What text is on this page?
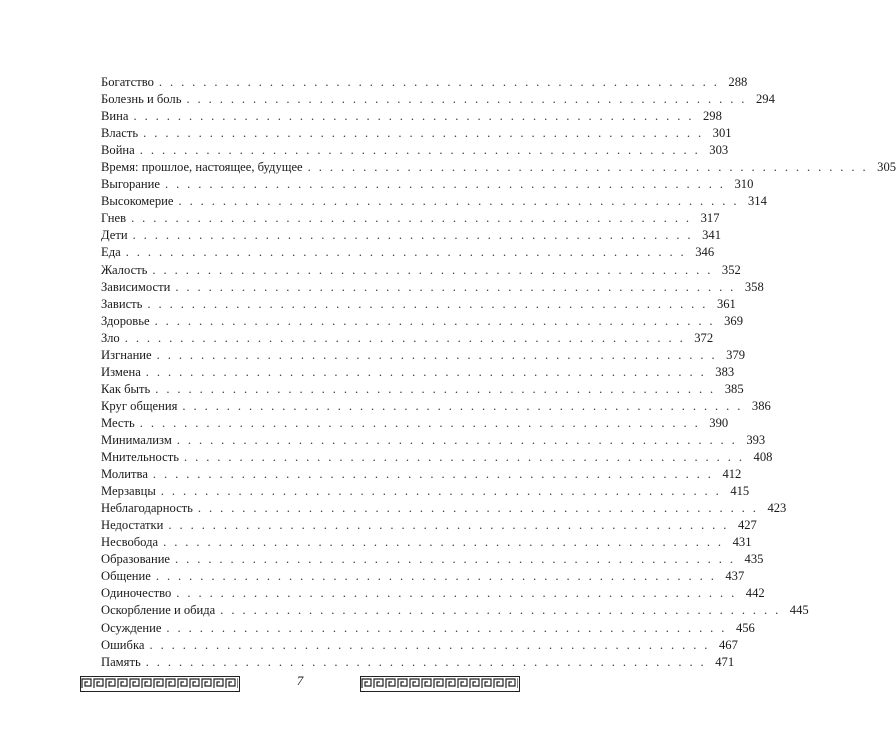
Богатство . . . . . . . . . . . . . . . . . . . . . . . . . . . . . . . . . . . . . . . . . . . . . . . . . . . 288
Болезнь и боль . . . . . . . . . . . . . . . . . . . . . . . . . . . . . . . . . . . . . . . . . . . . . . . . . . . 294
Вина . . . . . . . . . . . . . . . . . . . . . . . . . . . . . . . . . . . . . . . . . . . . . . . . . . . 298
Власть . . . . . . . . . . . . . . . . . . . . . . . . . . . . . . . . . . . . . . . . . . . . . . . . . . . 301
Война . . . . . . . . . . . . . . . . . . . . . . . . . . . . . . . . . . . . . . . . . . . . . . . . . . . 303
Время: прошлое, настоящее, будущее . . . . . . . . . . . . . . . . . . . . . . . . . . . . . . . . . . . . . . . . . . . . . . . . . . . 305
Выгорание . . . . . . . . . . . . . . . . . . . . . . . . . . . . . . . . . . . . . . . . . . . . . . . . . . . 310
Высокомерие . . . . . . . . . . . . . . . . . . . . . . . . . . . . . . . . . . . . . . . . . . . . . . . . . . . 314
Гнев . . . . . . . . . . . . . . . . . . . . . . . . . . . . . . . . . . . . . . . . . . . . . . . . . . . 317
Дети . . . . . . . . . . . . . . . . . . . . . . . . . . . . . . . . . . . . . . . . . . . . . . . . . . . 341
Еда . . . . . . . . . . . . . . . . . . . . . . . . . . . . . . . . . . . . . . . . . . . . . . . . . . . 346
Жалость . . . . . . . . . . . . . . . . . . . . . . . . . . . . . . . . . . . . . . . . . . . . . . . . . . . 352
Зависимости . . . . . . . . . . . . . . . . . . . . . . . . . . . . . . . . . . . . . . . . . . . . . . . . . . . 358
Зависть . . . . . . . . . . . . . . . . . . . . . . . . . . . . . . . . . . . . . . . . . . . . . . . . . . . 361
Здоровье . . . . . . . . . . . . . . . . . . . . . . . . . . . . . . . . . . . . . . . . . . . . . . . . . . . 369
Зло . . . . . . . . . . . . . . . . . . . . . . . . . . . . . . . . . . . . . . . . . . . . . . . . . . . 372
Изгнание . . . . . . . . . . . . . . . . . . . . . . . . . . . . . . . . . . . . . . . . . . . . . . . . . . . 379
Измена . . . . . . . . . . . . . . . . . . . . . . . . . . . . . . . . . . . . . . . . . . . . . . . . . . . 383
Как быть . . . . . . . . . . . . . . . . . . . . . . . . . . . . . . . . . . . . . . . . . . . . . . . . . . . 385
Круг общения . . . . . . . . . . . . . . . . . . . . . . . . . . . . . . . . . . . . . . . . . . . . . . . . . . . 386
Месть . . . . . . . . . . . . . . . . . . . . . . . . . . . . . . . . . . . . . . . . . . . . . . . . . . . 390
Минимализм . . . . . . . . . . . . . . . . . . . . . . . . . . . . . . . . . . . . . . . . . . . . . . . . . . . 393
Мнительность . . . . . . . . . . . . . . . . . . . . . . . . . . . . . . . . . . . . . . . . . . . . . . . . . . . 408
Молитва . . . . . . . . . . . . . . . . . . . . . . . . . . . . . . . . . . . . . . . . . . . . . . . . . . . 412
Мерзавцы . . . . . . . . . . . . . . . . . . . . . . . . . . . . . . . . . . . . . . . . . . . . . . . . . . . 415
Неблагодарность . . . . . . . . . . . . . . . . . . . . . . . . . . . . . . . . . . . . . . . . . . . . . . . . . . . 423
Недостатки . . . . . . . . . . . . . . . . . . . . . . . . . . . . . . . . . . . . . . . . . . . . . . . . . . . 427
Несвобода . . . . . . . . . . . . . . . . . . . . . . . . . . . . . . . . . . . . . . . . . . . . . . . . . . . 431
Образование . . . . . . . . . . . . . . . . . . . . . . . . . . . . . . . . . . . . . . . . . . . . . . . . . . . 435
Общение . . . . . . . . . . . . . . . . . . . . . . . . . . . . . . . . . . . . . . . . . . . . . . . . . . . 437
Одиночество . . . . . . . . . . . . . . . . . . . . . . . . . . . . . . . . . . . . . . . . . . . . . . . . . . . 442
Оскорбление и обида . . . . . . . . . . . . . . . . . . . . . . . . . . . . . . . . . . . . . . . . . . . . . . . . . . . 445
Осуждение . . . . . . . . . . . . . . . . . . . . . . . . . . . . . . . . . . . . . . . . . . . . . . . . . . . 456
Ошибка . . . . . . . . . . . . . . . . . . . . . . . . . . . . . . . . . . . . . . . . . . . . . . . . . . . 467
Память . . . . . . . . . . . . . . . . . . . . . . . . . . . . . . . . . . . . . . . . . . . . . . . . . . . 471
7
